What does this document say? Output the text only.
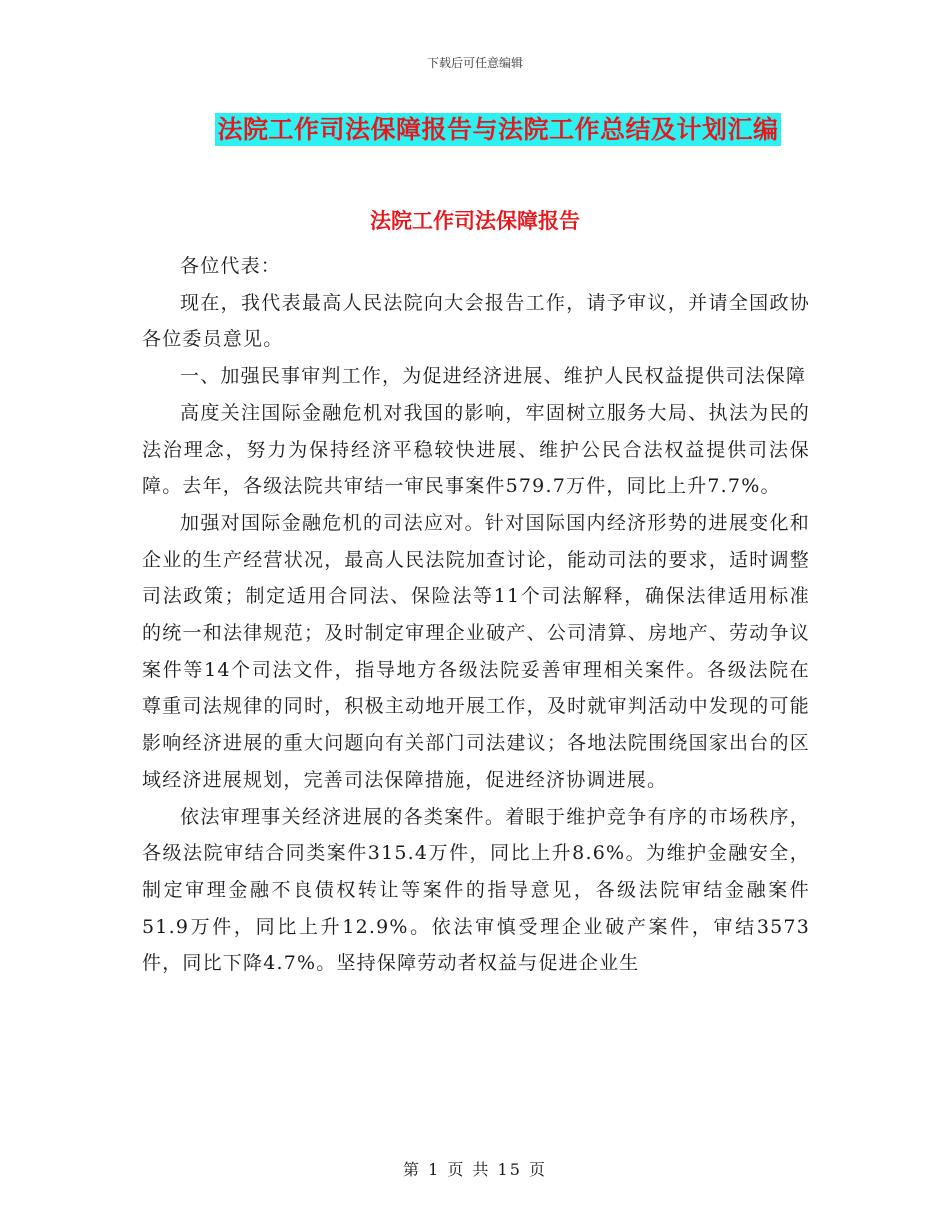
下载后可任意编辑
法院工作司法保障报告与法院工作总结及计划汇编
法院工作司法保障报告

各位代表：

现在，我代表最高人民法院向大会报告工作，请予审议，并请全国政协各位委员意见。

一、加强民事审判工作，为促进经济进展、维护人民权益提供司法保障

高度关注国际金融危机对我国的影响，牢固树立服务大局、执法为民的法治理念，努力为保持经济平稳较快进展、维护公民合法权益提供司法保障。去年，各级法院共审结一审民事案件579.7万件，同比上升7.7%。

加强对国际金融危机的司法应对。针对国际国内经济形势的进展变化和企业的生产经营状况，最高人民法院加查讨论，能动司法的要求，适时调整司法政策；制定适用合同法、保险法等11个司法解释，确保法律适用标准的统一和法律规范；及时制定审理企业破产、公司清算、房地产、劳动争议案件等14个司法文件，指导地方各级法院妥善审理相关案件。各级法院在尊重司法规律的同时，积极主动地开展工作，及时就审判活动中发现的可能影响经济进展的重大问题向有关部门司法建议；各地法院围绕国家出台的区域经济进展规划，完善司法保障措施，促进经济协调进展。

依法审理事关经济进展的各类案件。着眼于维护竞争有序的市场秩序，各级法院审结合同类案件315.4万件，同比上升8.6%。为维护金融安全，制定审理金融不良债权转让等案件的指导意见，各级法院审结金融案件51.9万件，同比上升12.9%。依法审慎受理企业破产案件，审结3573件，同比下降4.7%。坚持保障劳动者权益与促进企业生

第 1 页 共 15 页
